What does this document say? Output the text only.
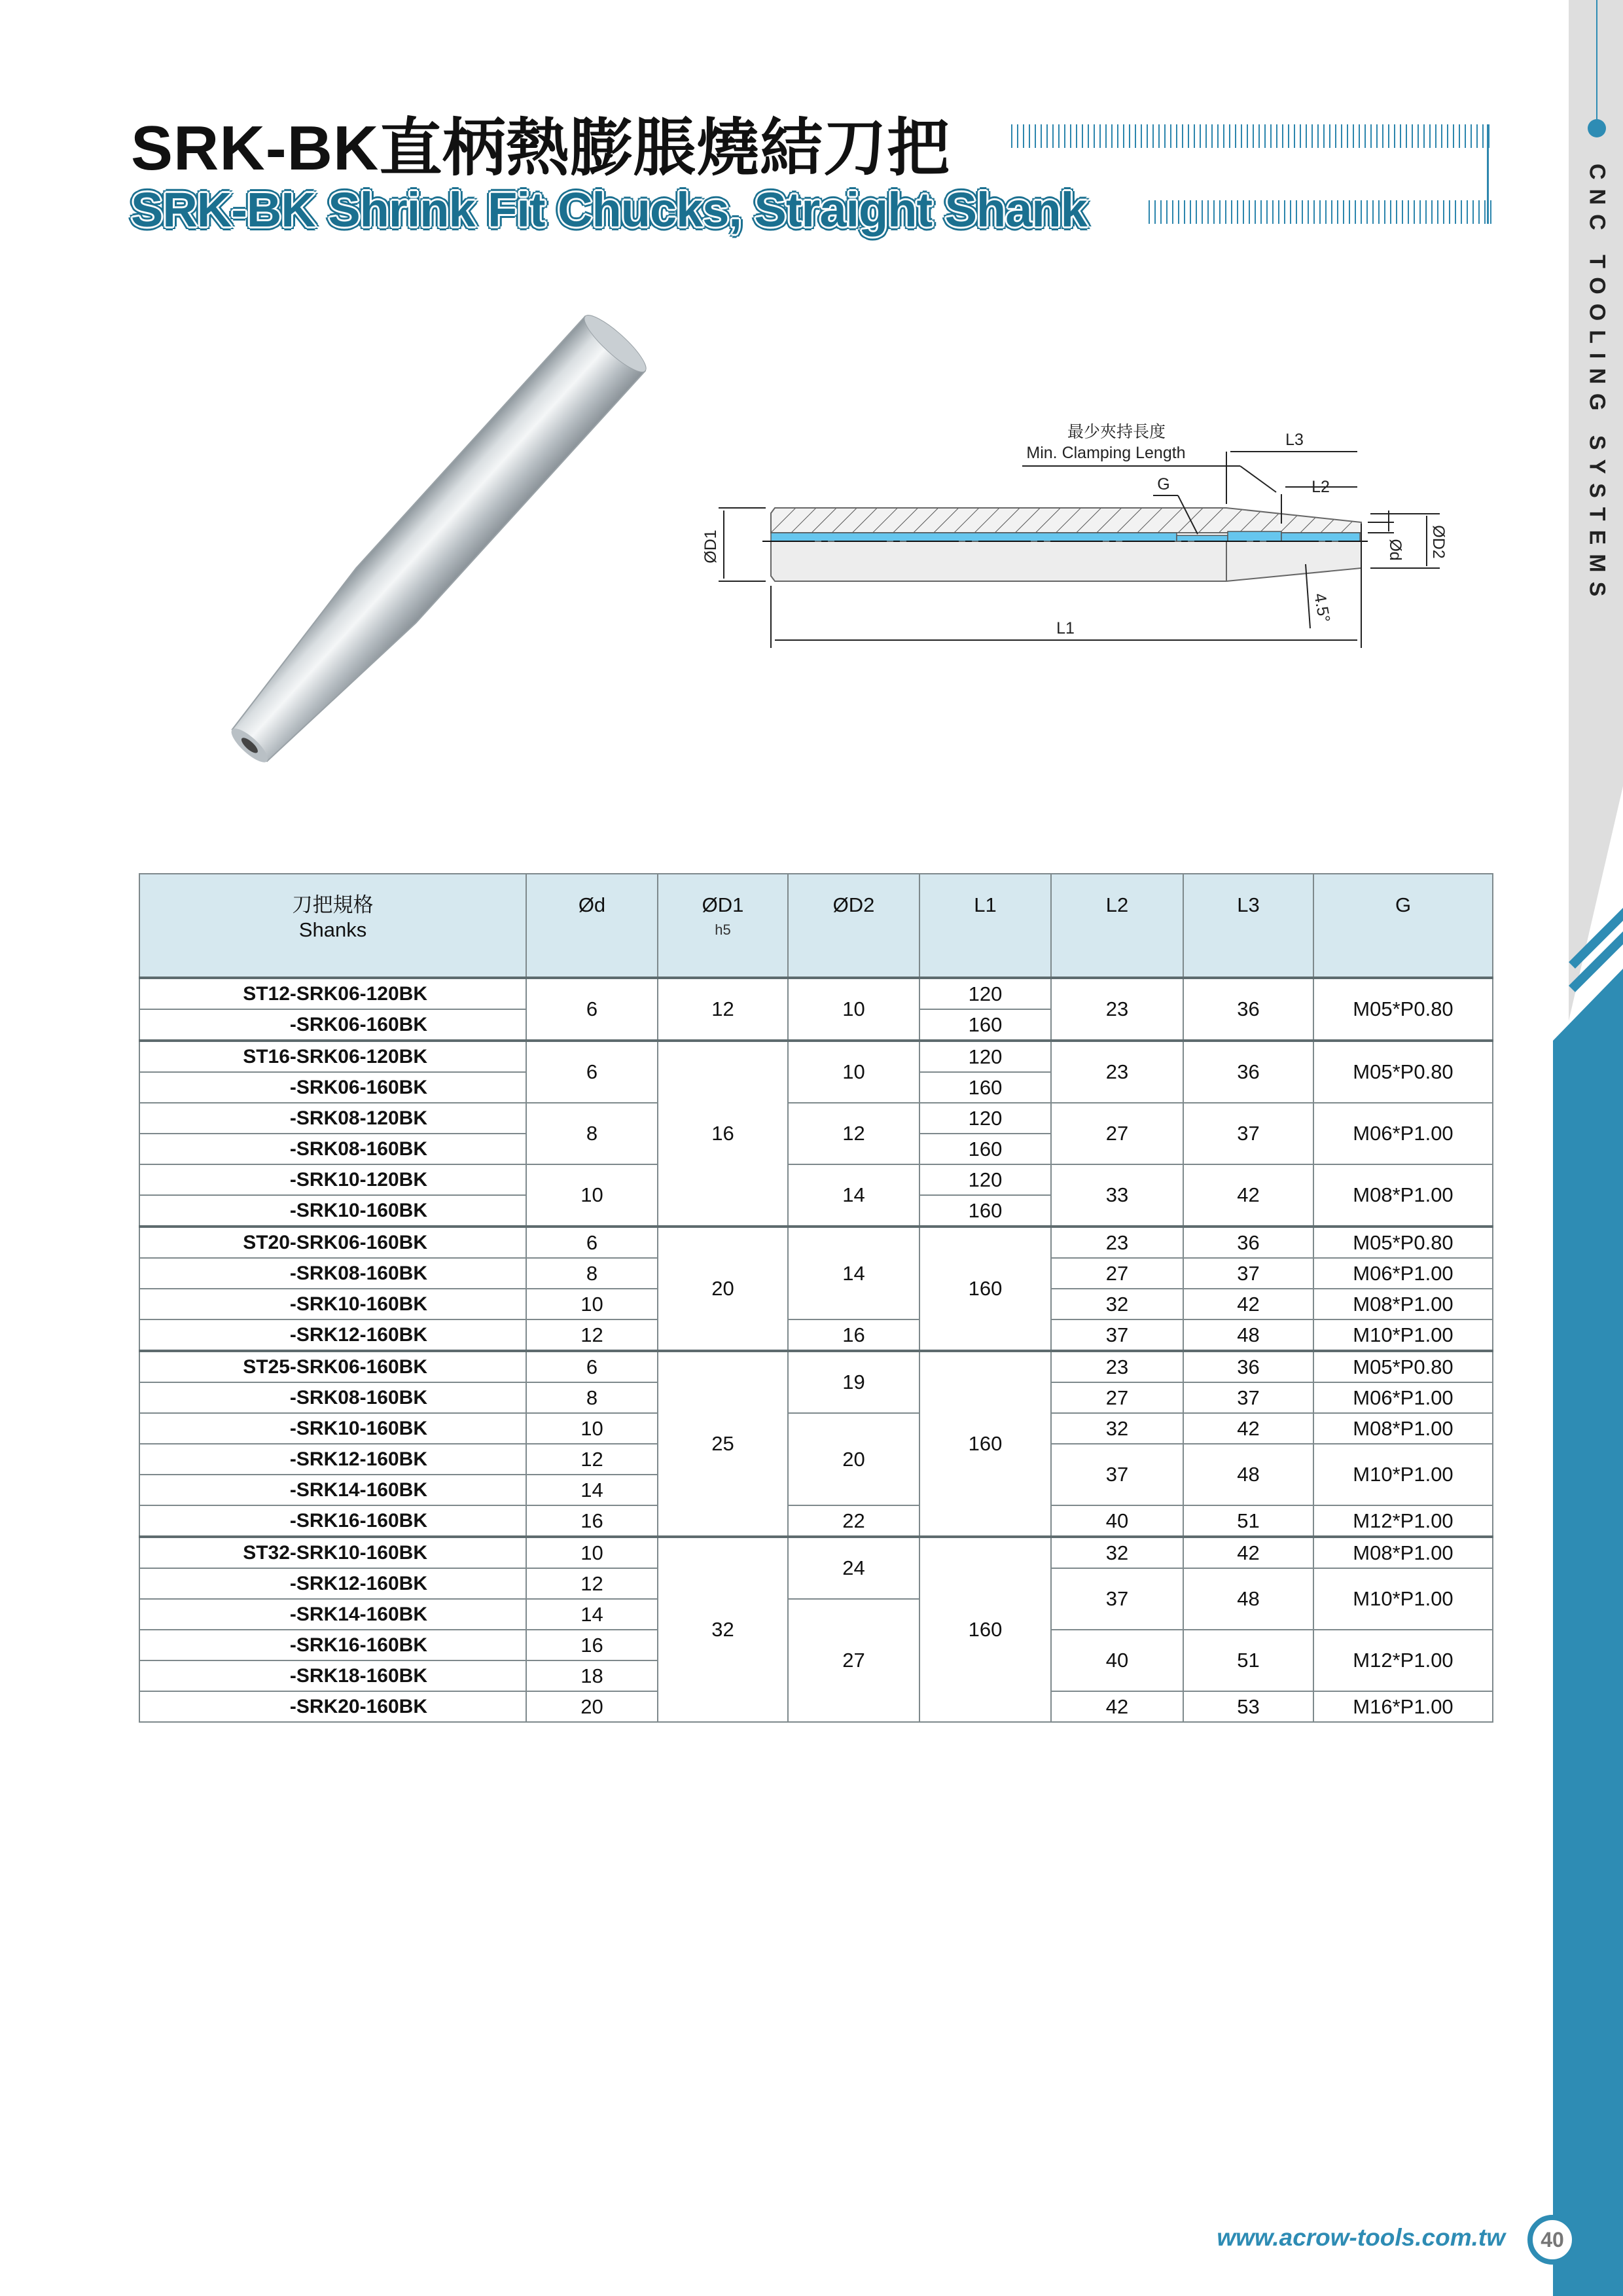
CNC TOOLING SYSTEMS
SRK-BK直柄熱膨脹燒結刀把
SRK-BK Shrink Fit Chucks, Straight Shank
最少夾持長度
Min. Clamping Length
L3
L2
G
L1
ØD1	Ød ØD2
4.5°
刀把規格
Shanks	Ød	ØD1
h5	ØD2	L1	L2	L3	G
ST12-SRK06-120BK	6	12	10	120	23	36	M05*P0.80
-SRK06-160BK				160			
ST16-SRK06-120BK	6	16	10	120	23	36	M05*P0.80
-SRK06-160BK				160			
-SRK08-120BK	8		12	120	27	37	M06*P1.00
-SRK08-160BK				160			
-SRK10-120BK	10		14	120	33	42	M08*P1.00
-SRK10-160BK				160			
ST20-SRK06-160BK	6	20	14	160	23	36	M05*P0.80
-SRK08-160BK	8				27	37	M06*P1.00
-SRK10-160BK	10				32	42	M08*P1.00
-SRK12-160BK	12		16		37	48	M10*P1.00
ST25-SRK06-160BK	6	25	19	160	23	36	M05*P0.80
-SRK08-160BK	8				27	37	M06*P1.00
-SRK10-160BK	10		20		32	42	M08*P1.00
-SRK12-160BK	12				37	48	M10*P1.00
-SRK14-160BK	14						
-SRK16-160BK	16		22		40	51	M12*P1.00
ST32-SRK10-160BK	10	32	24	160	32	42	M08*P1.00
-SRK12-160BK	12				37	48	M10*P1.00
-SRK14-160BK	14		27				
-SRK16-160BK	16				40	51	M12*P1.00
-SRK18-160BK	18						
-SRK20-160BK	20				42	53	M16*P1.00
www.acrow-tools.com.tw	40
